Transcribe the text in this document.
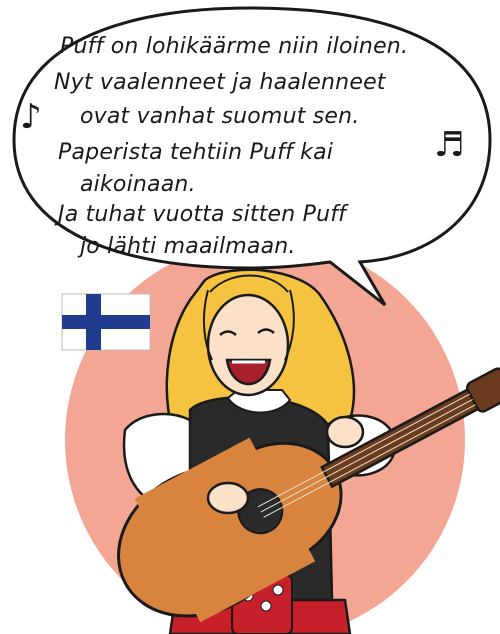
Puff on lohikäärme niin iloinen.
Nyt vaalenneet ja haalenneet
ovat vanhat suomut sen.
Paperista tehtiin Puff kai
aikoinaan.
Ja tuhat vuotta sitten Puff
jo lähti maailmaan.
♪
♬
